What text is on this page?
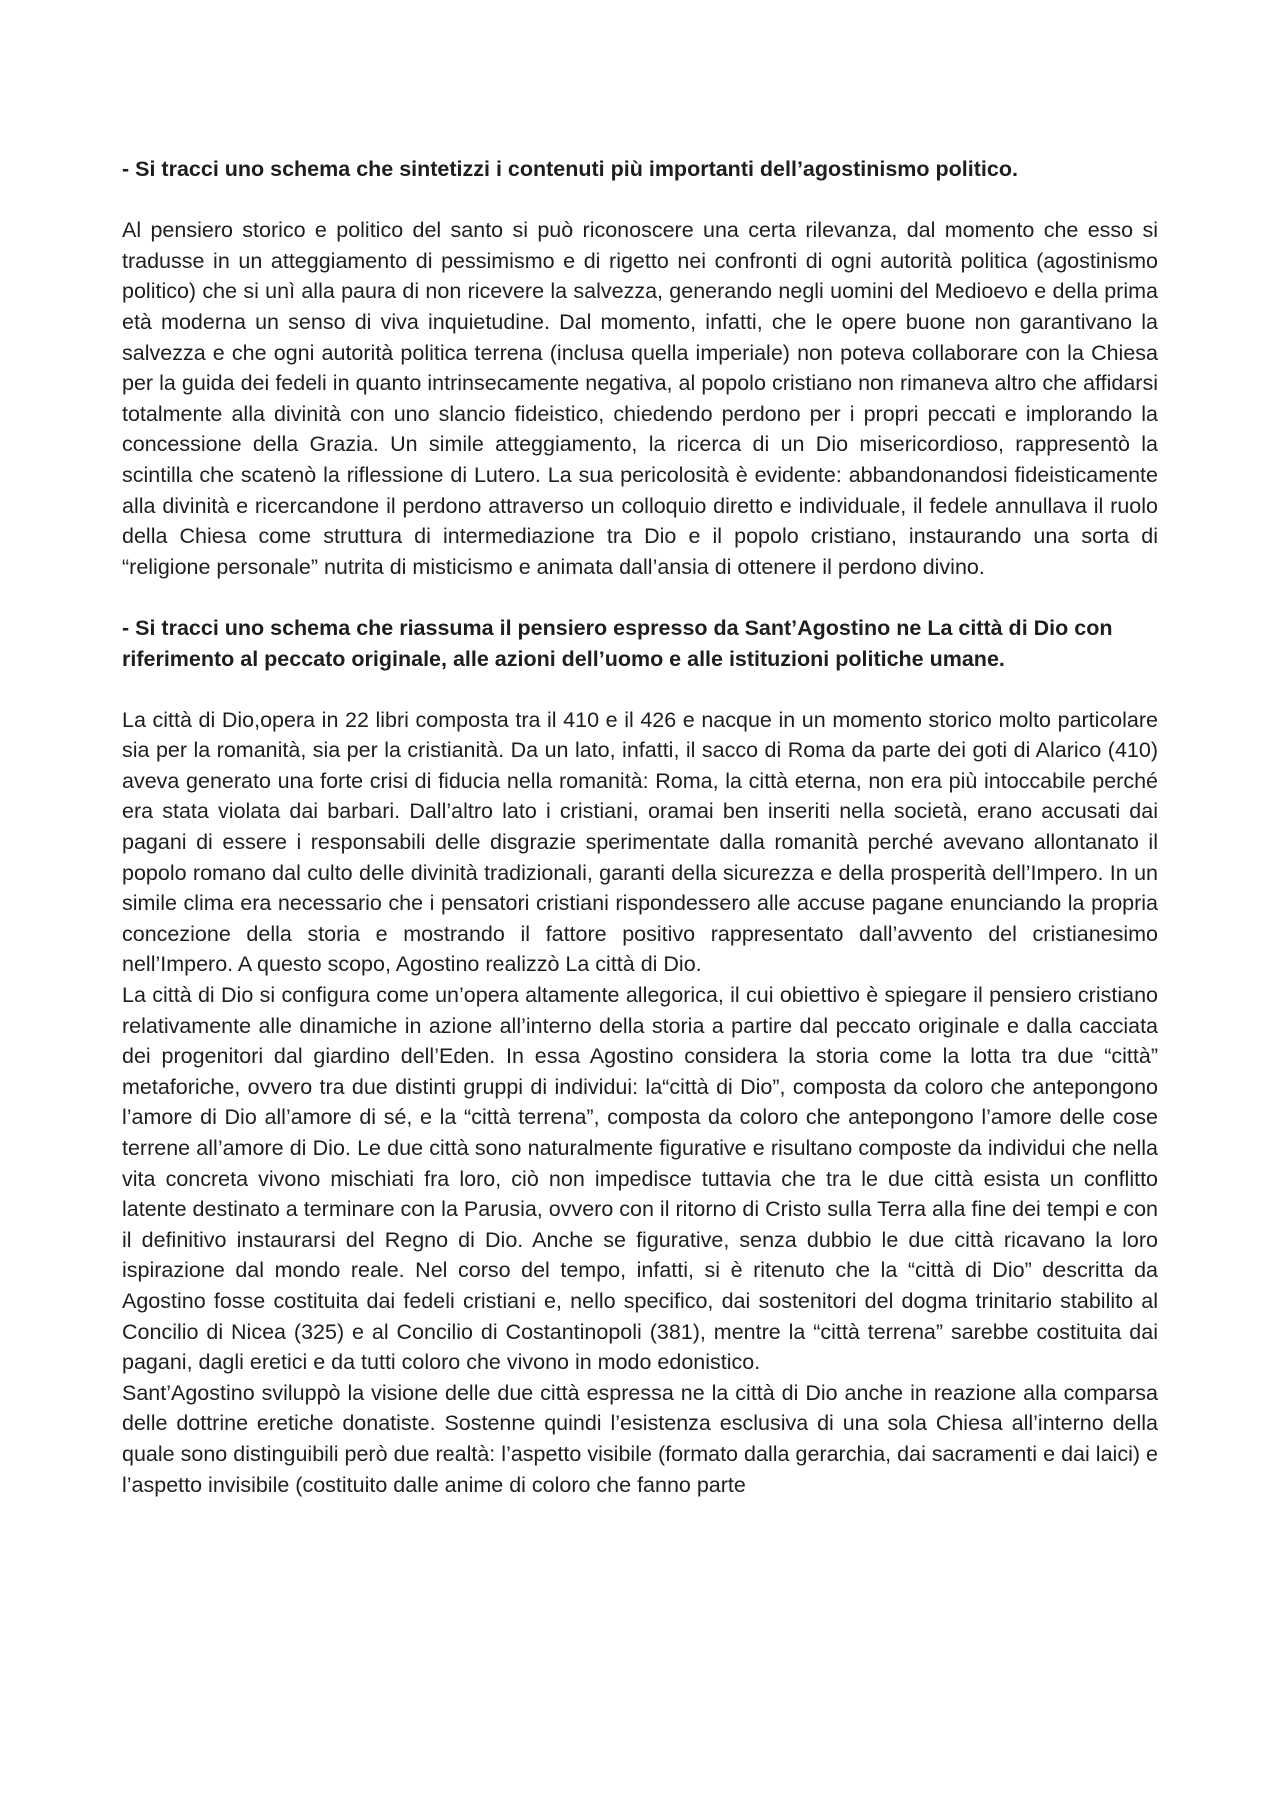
- Si tracci uno schema che sintetizzi i contenuti più importanti dell’agostinismo politico.

Al pensiero storico e politico del santo si può riconoscere una certa rilevanza, dal momento che esso si tradusse in un atteggiamento di pessimismo e di rigetto nei confronti di ogni autorità politica (agostinismo politico) che si unì alla paura di non ricevere la salvezza, generando negli uomini del Medioevo e della prima età moderna un senso di viva inquietudine. Dal momento, infatti, che le opere buone non garantivano la salvezza e che ogni autorità politica terrena (inclusa quella imperiale) non poteva collaborare con la Chiesa per la guida dei fedeli in quanto intrinsecamente negativa, al popolo cristiano non rimaneva altro che affidarsi totalmente alla divinità con uno slancio fideistico, chiedendo perdono per i propri peccati e implorando la concessione della Grazia. Un simile atteggiamento, la ricerca di un Dio misericordioso, rappresentò la scintilla che scatenò la riflessione di Lutero. La sua pericolosità è evidente: abbandonandosi fideisticamente alla divinità e ricercandone il perdono attraverso un colloquio diretto e individuale, il fedele annullava il ruolo della Chiesa come struttura di intermediazione tra Dio e il popolo cristiano, instaurando una sorta di “religione personale” nutrita di misticismo e animata dall’ansia di ottenere il perdono divino.

- Si tracci uno schema che riassuma il pensiero espresso da Sant’Agostino ne La città di Dio con riferimento al peccato originale, alle azioni dell’uomo e alle istituzioni politiche umane.

La città di Dio,opera in 22 libri composta tra il 410 e il 426 e nacque in un momento storico molto particolare sia per la romanità, sia per la cristianità. Da un lato, infatti, il sacco di Roma da parte dei goti di Alarico (410) aveva generato una forte crisi di fiducia nella romanità: Roma, la città eterna, non era più intoccabile perché era stata violata dai barbari. Dall’altro lato i cristiani, oramai ben inseriti nella società, erano accusati dai pagani di essere i responsabili delle disgrazie sperimentate dalla romanità perché avevano allontanato il popolo romano dal culto delle divinità tradizionali, garanti della sicurezza e della prosperità dell’Impero. In un simile clima era necessario che i pensatori cristiani rispondessero alle accuse pagane enunciando la propria concezione della storia e mostrando il fattore positivo rappresentato dall’avvento del cristianesimo nell’Impero. A questo scopo, Agostino realizzò La città di Dio.

La città di Dio si configura come un’opera altamente allegorica, il cui obiettivo è spiegare il pensiero cristiano relativamente alle dinamiche in azione all’interno della storia a partire dal peccato originale e dalla cacciata dei progenitori dal giardino dell’Eden. In essa Agostino considera la storia come la lotta tra due “città” metaforiche, ovvero tra due distinti gruppi di individui: la“città di Dio”, composta da coloro che antepongono l’amore di Dio all’amore di sé, e la “città terrena”, composta da coloro che antepongono l’amore delle cose terrene all’amore di Dio. Le due città sono naturalmente figurative e risultano composte da individui che nella vita concreta vivono mischiati fra loro, ciò non impedisce tuttavia che tra le due città esista un conflitto latente destinato a terminare con la Parusia, ovvero con il ritorno di Cristo sulla Terra alla fine dei tempi e con il definitivo instaurarsi del Regno di Dio. Anche se figurative, senza dubbio le due città ricavano la loro ispirazione dal mondo reale. Nel corso del tempo, infatti, si è ritenuto che la “città di Dio” descritta da Agostino fosse costituita dai fedeli cristiani e, nello specifico, dai sostenitori del dogma trinitario stabilito al Concilio di Nicea (325) e al Concilio di Costantinopoli (381), mentre la “città terrena” sarebbe costituita dai pagani, dagli eretici e da tutti coloro che vivono in modo edonistico.

Sant’Agostino sviluppò la visione delle due città espressa ne la città di Dio anche in reazione alla comparsa delle dottrine eretiche donatiste. Sostenne quindi l’esistenza esclusiva di una sola Chiesa all’interno della quale sono distinguibili però due realtà: l’aspetto visibile (formato dalla gerarchia, dai sacramenti e dai laici) e l’aspetto invisibile (costituito dalle anime di coloro che fanno parte
